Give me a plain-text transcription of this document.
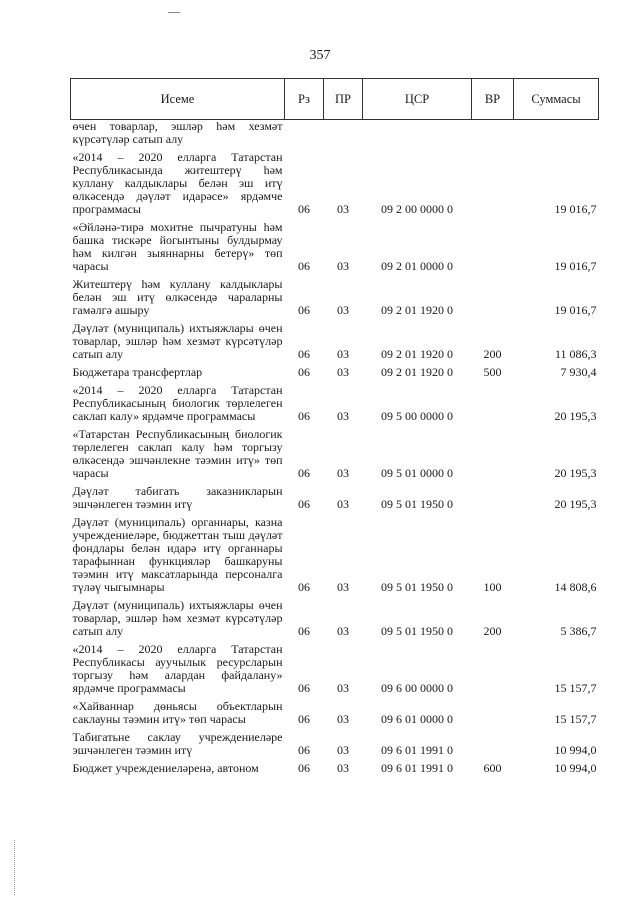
357
Исеме	Рз	ПР	ЦСР	ВР	Суммасы
өчен товарлар, эшләр һәм хезмәт күрсәтүләр сатып алу					
«2014 – 2020 елларга Татарстан Республикасында житештерү һәм куллану калдыклары белән эш итү өлкәсендә дәүләт идарәсе» ярдәмче программасы	06	03	09 2 00 0000 0		19 016,7
«Әйләнә-тирә мохитне пычратуны һәм башка тискәре йогынтыны булдырмау һәм килгән зыяннарны бетерү» төп чарасы	06	03	09 2 01 0000 0		19 016,7
Житештерү һәм куллану калдыклары белән эш итү өлкәсендә чараларны гамәлгә ашыру	06	03	09 2 01 1920 0		19 016,7
Дәүләт (муниципаль) ихтыяжлары өчен товарлар, эшләр һәм хезмәт күрсәтүләр сатып алу	06	03	09 2 01 1920 0	200	11 086,3
Бюджетара трансфертлар	06	03	09 2 01 1920 0	500	7 930,4
«2014 – 2020 елларга Татарстан Республикасының биологик төрлелеген саклап калу» ярдәмче программасы	06	03	09 5 00 0000 0		20 195,3
«Татарстан Республикасының биологик төрлелеген саклап калу һәм торгызу өлкәсендә эшчәнлекне тәэмин итү» төп чарасы	06	03	09 5 01 0000 0		20 195,3
Дәүләт табигать заказникларын эшчәнлеген тәэмин итү	06	03	09 5 01 1950 0		20 195,3
Дәүләт (муниципаль) органнары, казна учреждениеләре, бюджеттан тыш дәүләт фондлары белән идарә итү органнары тарафыннан функцияләр башкаруны тәэмин итү максатларында персоналга түләү чыгымнары	06	03	09 5 01 1950 0	100	14 808,6
Дәүләт (муниципаль) ихтыяжлары өчен товарлар, эшләр һәм хезмәт күрсәтүләр сатып алу	06	03	09 5 01 1950 0	200	5 386,7
«2014 – 2020 елларга Татарстан Республикасы ауучылык ресурсларын торгызу һәм алардан файдалану» ярдәмче программасы	06	03	09 6 00 0000 0		15 157,7
«Хайваннар дөньясы объектларын саклауны тәэмин итү» төп чарасы	06	03	09 6 01 0000 0		15 157,7
Табигатьне саклау учреждениеләре эшчәнлеген тәэмин итү	06	03	09 6 01 1991 0		10 994,0
Бюджет учреждениеләренә, автоном	06	03	09 6 01 1991 0	600	10 994,0
